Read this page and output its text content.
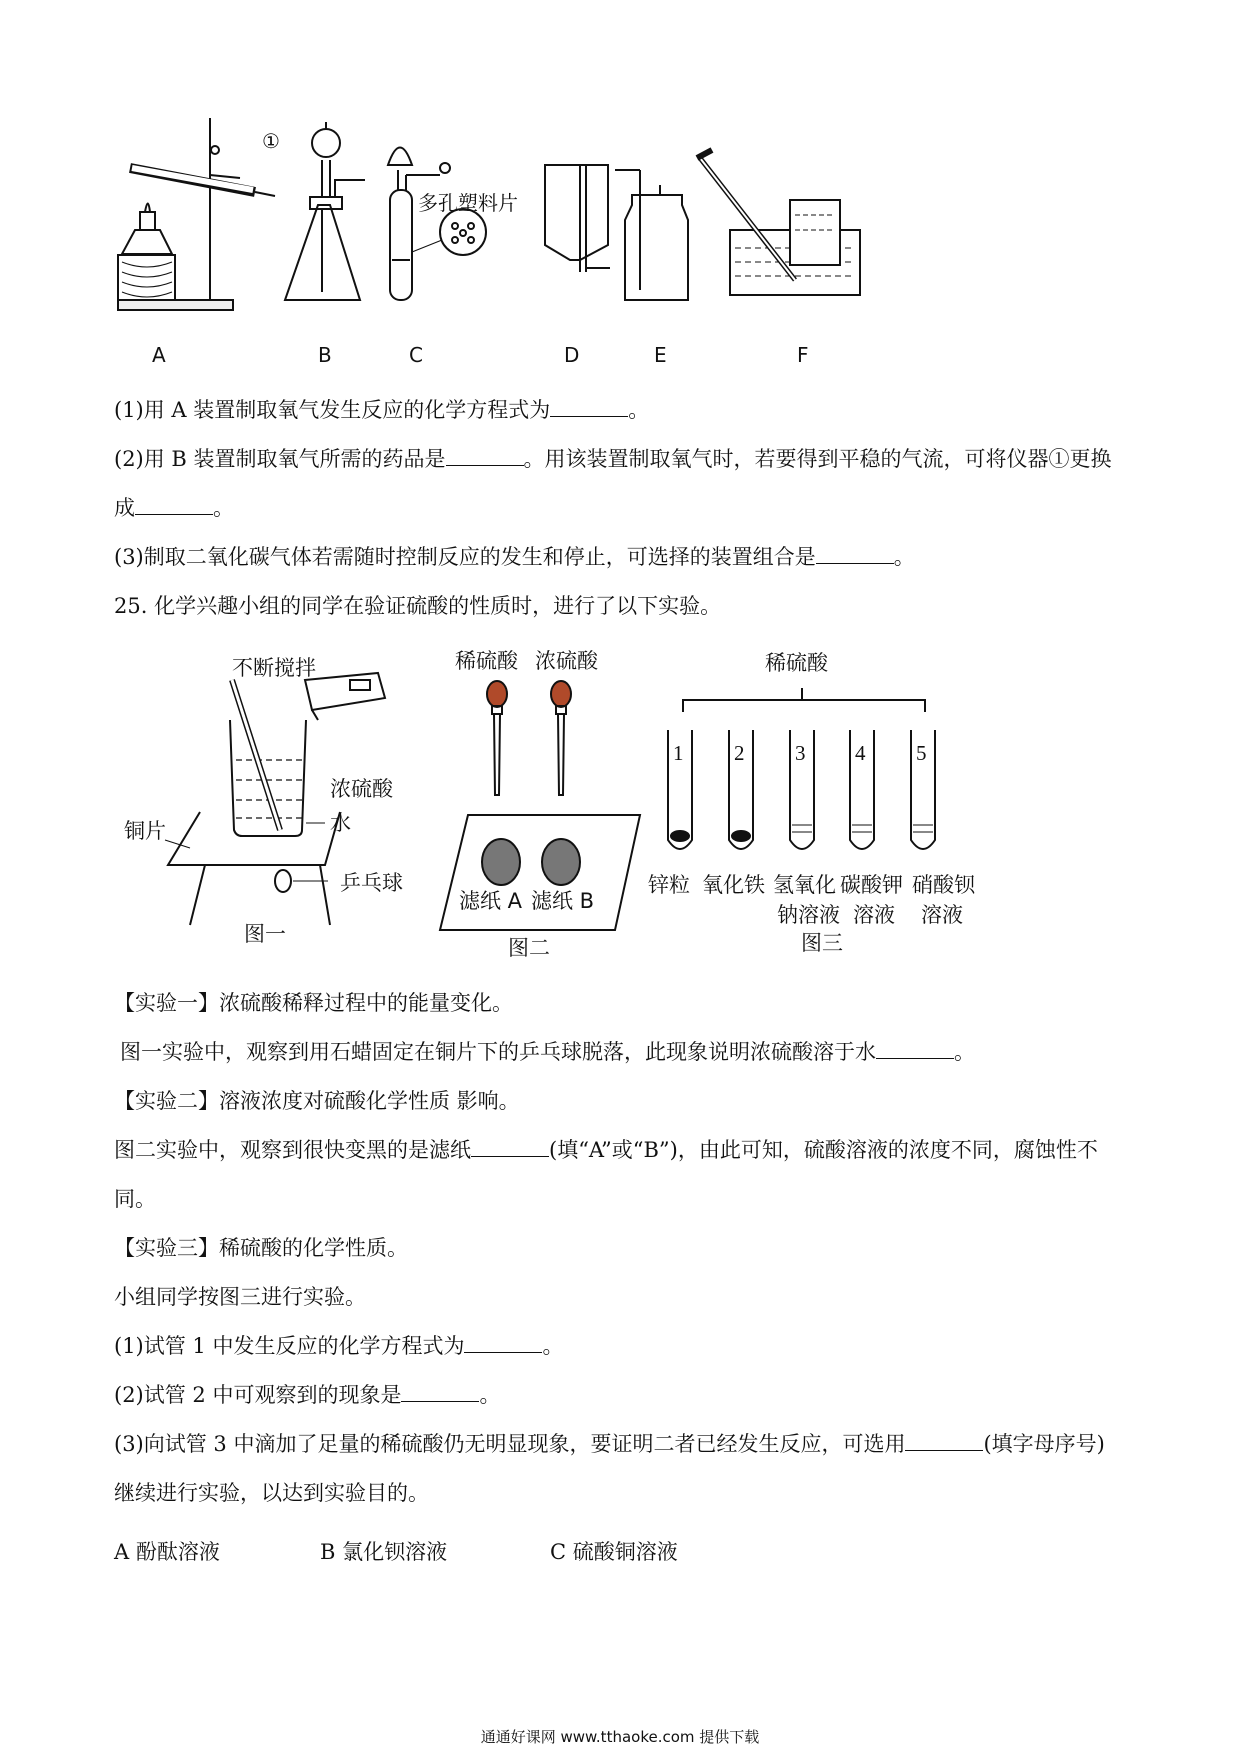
①
多孔塑料片
A	B	C	D	E	F

(1)用 A 装置制取氧气发生反应的化学方程式为	。

(2)用 B 装置制取氧气所需的药品是	。用该装置制取氧气时，若要得到平稳的气流，可将仪器①更换

成	。

(3)制取二氧化碳气体若需随时控制反应的发生和停止，可选择的装置组合是	。

25. 化学兴趣小组的同学在验证硫酸的性质时，进行了以下实验。

不断搅拌
浓硫酸
水
铜片
乒乓球
图一
稀硫酸 浓硫酸
滤纸 A 滤纸 B
图二
稀硫酸
1 2 3 4 5
锌粒 氧化铁 氢氧化 碳酸钾 硝酸钡
钠溶液 溶液 溶液
图三

【实验一】浓硫酸稀释过程中的能量变化。

图一实验中，观察到用石蜡固定在铜片下的乒乓球脱落，此现象说明浓硫酸溶于水	。

【实验二】溶液浓度对硫酸化学性质 影响。

图二实验中，观察到很快变黑的是滤纸	(填“A”或“B”)，由此可知，硫酸溶液的浓度不同，腐蚀性不

同。

【实验三】稀硫酸的化学性质。

小组同学按图三进行实验。

(1)试管 1 中发生反应的化学方程式为	。

(2)试管 2 中可观察到的现象是	。

(3)向试管 3 中滴加了足量的稀硫酸仍无明显现象，要证明二者已经发生反应，可选用	(填字母序号)

继续进行实验，以达到实验目的。

A 酚酞溶液	B 氯化钡溶液	C 硫酸铜溶液
通通好课网 www.tthaoke.com 提供下载
